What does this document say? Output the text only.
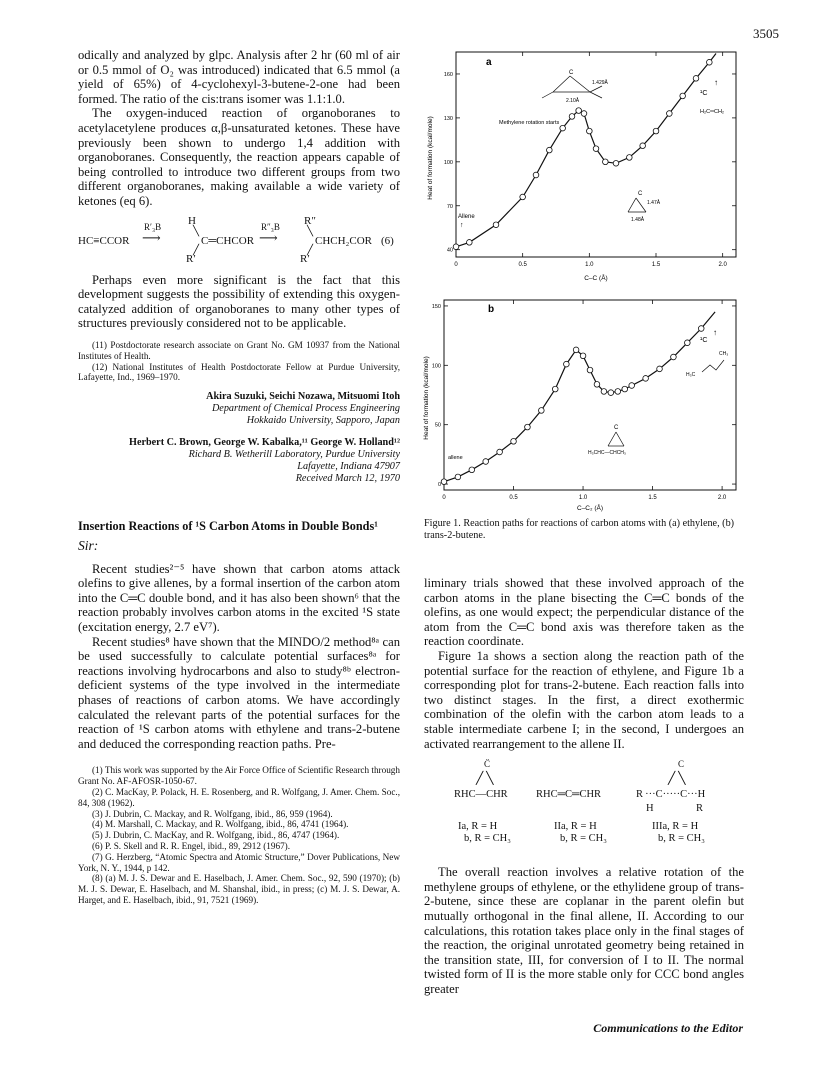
3505

odically and analyzed by glpc. Analysis after 2 hr (60 ml of air or 0.5 mmol of O₂ was introduced) indicated that 6.5 mmol (a yield of 65%) of 4-cyclohexyl-3-butene-2-one had been formed. The ratio of the cis:trans isomer was 1.1:1.0.

The oxygen-induced reaction of organoboranes to acetylacetylene produces α,β-unsaturated ketones. These have previously been shown to undergo 1,4 addition with organoboranes. Consequently, the reaction appears capable of being controlled to introduce two different groups from two different organoboranes, making available a wide variety of ketones (eq 6).

HC≡CCOR
R′₃B
⟶
H
╲
C═CHCOR
╱
R′
R″₃B
⟶
R″
╲
CHCH₂COR
╱
R′
(6)

Perhaps even more significant is the fact that this development suggests the possibility of extending this oxygen-catalyzed addition of organoboranes to many other types of structures previously considered not to be applicable.

(11) Postdoctorate research associate on Grant No. GM 10937 from the National Institutes of Health.

(12) National Institutes of Health Postdoctorate Fellow at Purdue University, Lafayette, Ind., 1969–1970.

Akira Suzuki, Seichi Nozawa, Mitsuomi Itoh
Department of Chemical Process Engineering
Hokkaido University, Sapporo, Japan
Herbert C. Brown, George W. Kabalka,¹¹ George W. Holland¹²
Richard B. Wetherill Laboratory, Purdue University
Lafayette, Indiana 47907
Received March 12, 1970

Insertion Reactions of ¹S Carbon Atoms in Double Bonds¹

Sir:

Recent studies²⁻⁵ have shown that carbon atoms attack olefins to give allenes, by a formal insertion of the carbon atom into the C═C double bond, and it has also been shown⁶ that the reaction probably involves carbon atoms in the excited ¹S state (excitation energy, 2.7 eV⁷).

Recent studies⁸ have shown that the MINDO/2 method⁸ᵃ can be used successfully to calculate potential surfaces⁸ᵃ for reactions involving hydrocarbons and also to study⁸ᵇ electron-deficient systems of the type involved in the intermediate phases of reactions of carbon atoms. We have accordingly calculated the relevant parts of the potential surfaces for the reaction of ¹S carbon atoms with ethylene and trans-2-butene and deduced the corresponding reaction paths. Pre-

(1) This work was supported by the Air Force Office of Scientific Research through Grant No. AF-AFOSR-1050-67.

(2) C. MacKay, P. Polack, H. E. Rosenberg, and R. Wolfgang, J. Amer. Chem. Soc., 84, 308 (1962).

(3) J. Dubrin, C. Mackay, and R. Wolfgang, ibid., 86, 959 (1964).

(4) M. Marshall, C. Mackay, and R. Wolfgang, ibid., 86, 4741 (1964).

(5) J. Dubrin, C. MacKay, and R. Wolfgang, ibid., 86, 4747 (1964).

(6) P. S. Skell and R. R. Engel, ibid., 89, 2912 (1967).

(7) G. Herzberg, “Atomic Spectra and Atomic Structure,” Dover Publications, New York, N. Y., 1944, p 142.

(8) (a) M. J. S. Dewar and E. Haselbach, J. Amer. Chem. Soc., 92, 590 (1970); (b) M. J. S. Dewar, E. Haselbach, and M. Shanshal, ibid., in press; (c) M. J. S. Dewar, A. Harget, and E. Haselbach, ibid., 91, 7521 (1969).

0	0.5	1.0	1.5	2.0
40
70
100
130
160
0	0.5	1.0	1.5	2.0
0
50
100
150
a
b
Heat of formation (kcal/mole)
Heat of formation (kcal/mole)
C–C (Å)
C–C₂ (Å)
Allene
↑
Methylene rotation starts
¹C
↑
H₂C═CH₂
C
1.429Å
2.10Å
C
1.47Å
1.48Å
allene
¹C
↑
CH₃
H₃C
C
H₃CHC—CHCH₃
Figure 1. Reaction paths for reactions of carbon atoms with (a) ethylene, (b) trans-2-butene.

liminary trials showed that these involved approach of the carbon atoms in the plane bisecting the C═C bonds of the olefins, as one would expect; the perpendicular distance of the atom from the C═C bond axis was therefore taken as the reaction coordinate.

Figure 1a shows a section along the reaction path of the potential surface for the reaction of ethylene, and Figure 1b a corresponding plot for trans-2-butene. Each reaction falls into two distinct stages. In the first, a direct exothermic combination of the olefin with the carbon atom leads to a stable intermediate carbene I; in the second, I undergoes an activated rearrangement to the allene II.

C̈
╱ ╲
RHC—CHR	RHC═C═CHR
C
╱ ╲
R ···C·····C···H
H	R
Ia, R = H
b, R = CH₃
IIa, R = H
b, R = CH₃
IIIa, R = H
b, R = CH₃

The overall reaction involves a relative rotation of the methylene groups of ethylene, or the ethylidene group of trans-2-butene, since these are coplanar in the parent olefin but mutually orthogonal in the final allene, II. According to our calculations, this rotation takes place only in the final stages of the reaction, the original unrotated geometry being retained in the transition state, III, for conversion of I to II. The normal twisted form of II is the more stable only for CCC bond angles greater

Communications to the Editor
